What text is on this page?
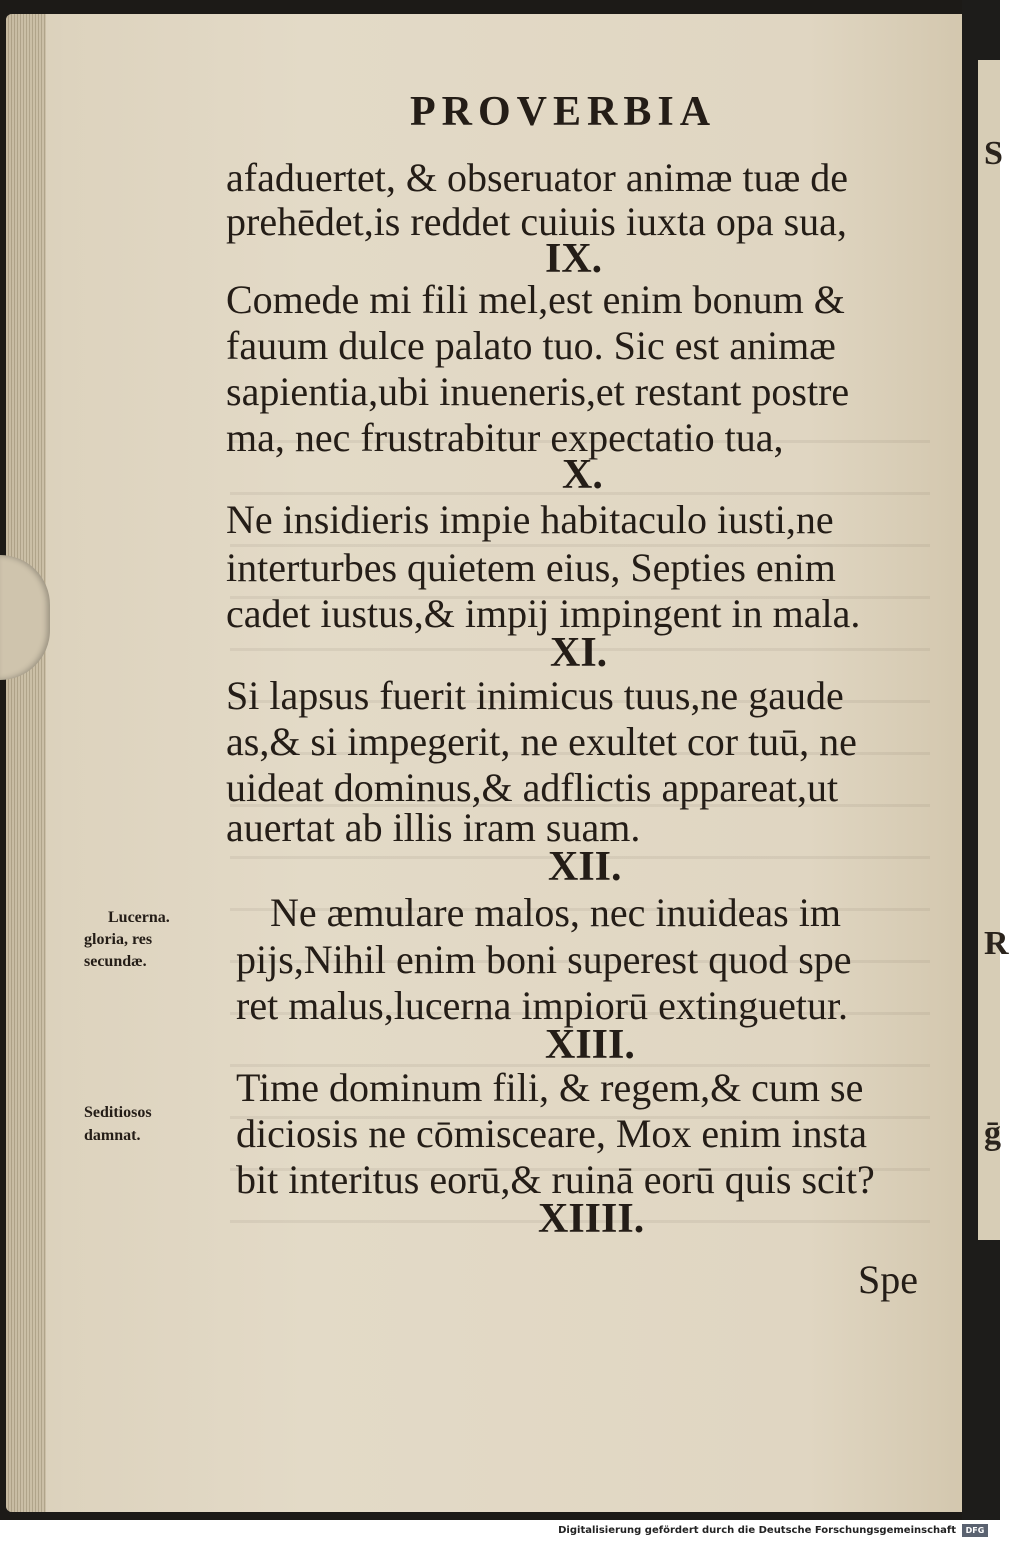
S
R
ḡ
PROVERBIA
afaduertet, & obseruator animæ tuæ de
prehēdet,is reddet cuiuis iuxta opa sua,
IX.
Comede mi fili mel,est enim bonum &
fauum dulce palato tuo. Sic est animæ
sapientia,ubi inueneris,et restant postre
ma, nec frustrabitur expectatio tua,
X.
Ne insidieris impie habitaculo iusti,ne
interturbes quietem eius, Septies enim
cadet iustus,& impij impingent in mala.
XI.
Si lapsus fuerit inimicus tuus,ne gaude
as,& si impegerit, ne exultet cor tuū, ne
uideat dominus,& adflictis appareat,ut
auertat ab illis iram suam.
XII.
Ne æmulare malos, nec inuideas im
pijs,Nihil enim boni superest quod spe
ret malus,lucerna impiorū extinguetur.
XIII.
Time dominum fili, & regem,& cum se
diciosis ne cōmisceare, Mox enim insta
bit interitus eorū,& ruinā eorū quis scit?
XIIII.
Spe
Lucerna.
gloria, res
secundæ.
Seditiosos
damnat.
Digitalisierung gefördert durch die Deutsche Forschungsgemeinschaft	DFG
